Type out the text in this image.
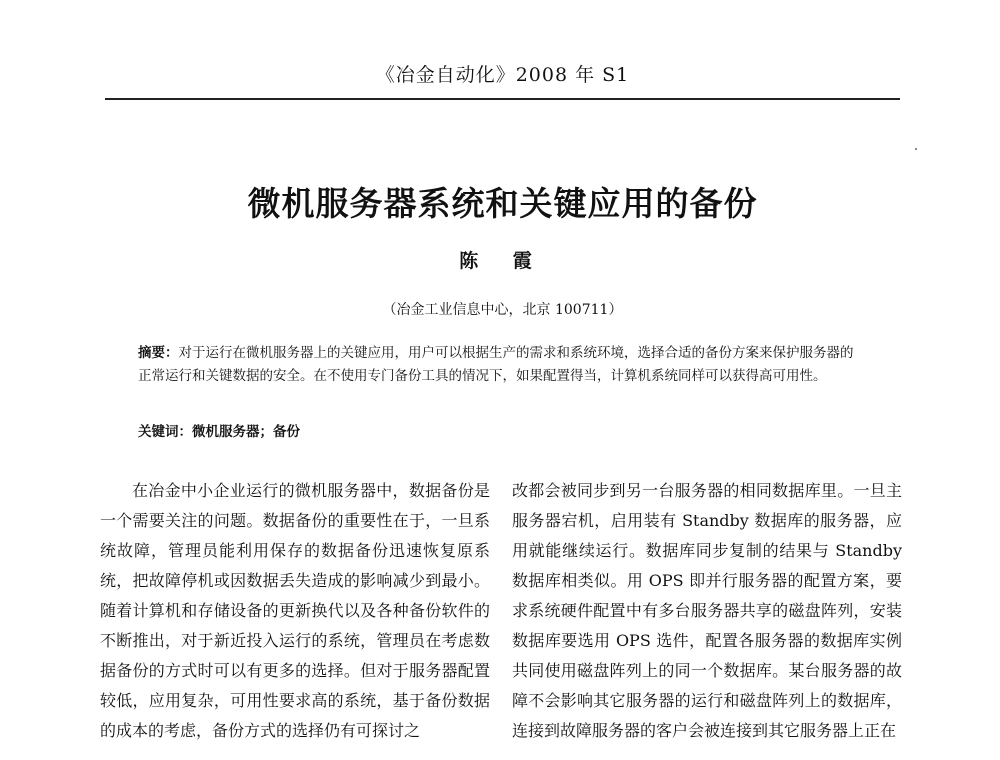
《冶金自动化》2008 年 S1
微机服务器系统和关键应用的备份
陈 霞
（冶金工业信息中心，北京 100711）
摘要：对于运行在微机服务器上的关键应用，用户可以根据生产的需求和系统环境，选择合适的备份方案来保护服务器的正常运行和关键数据的安全。在不使用专门备份工具的情况下，如果配置得当，计算机系统同样可以获得高可用性。
关键词：微机服务器；备份

在冶金中小企业运行的微机服务器中，数据备份是一个需要关注的问题。数据备份的重要性在于，一旦系统故障，管理员能利用保存的数据备份迅速恢复原系统，把故障停机或因数据丢失造成的影响减少到最小。随着计算机和存储设备的更新换代以及各种备份软件的不断推出，对于新近投入运行的系统，管理员在考虑数据备份的方式时可以有更多的选择。但对于服务器配置较低，应用复杂，可用性要求高的系统，基于备份数据的成本的考虑，备份方式的选择仍有可探讨之

改都会被同步到另一台服务器的相同数据库里。一旦主服务器宕机，启用装有 Standby 数据库的服务器，应用就能继续运行。数据库同步复制的结果与 Standby 数据库相类似。用 OPS 即并行服务器的配置方案，要求系统硬件配置中有多台服务器共享的磁盘阵列，安装数据库要选用 OPS 选件，配置各服务器的数据库实例共同使用磁盘阵列上的同一个数据库。某台服务器的故障不会影响其它服务器的运行和磁盘阵列上的数据库，连接到故障服务器的客户会被连接到其它服务器上正在
